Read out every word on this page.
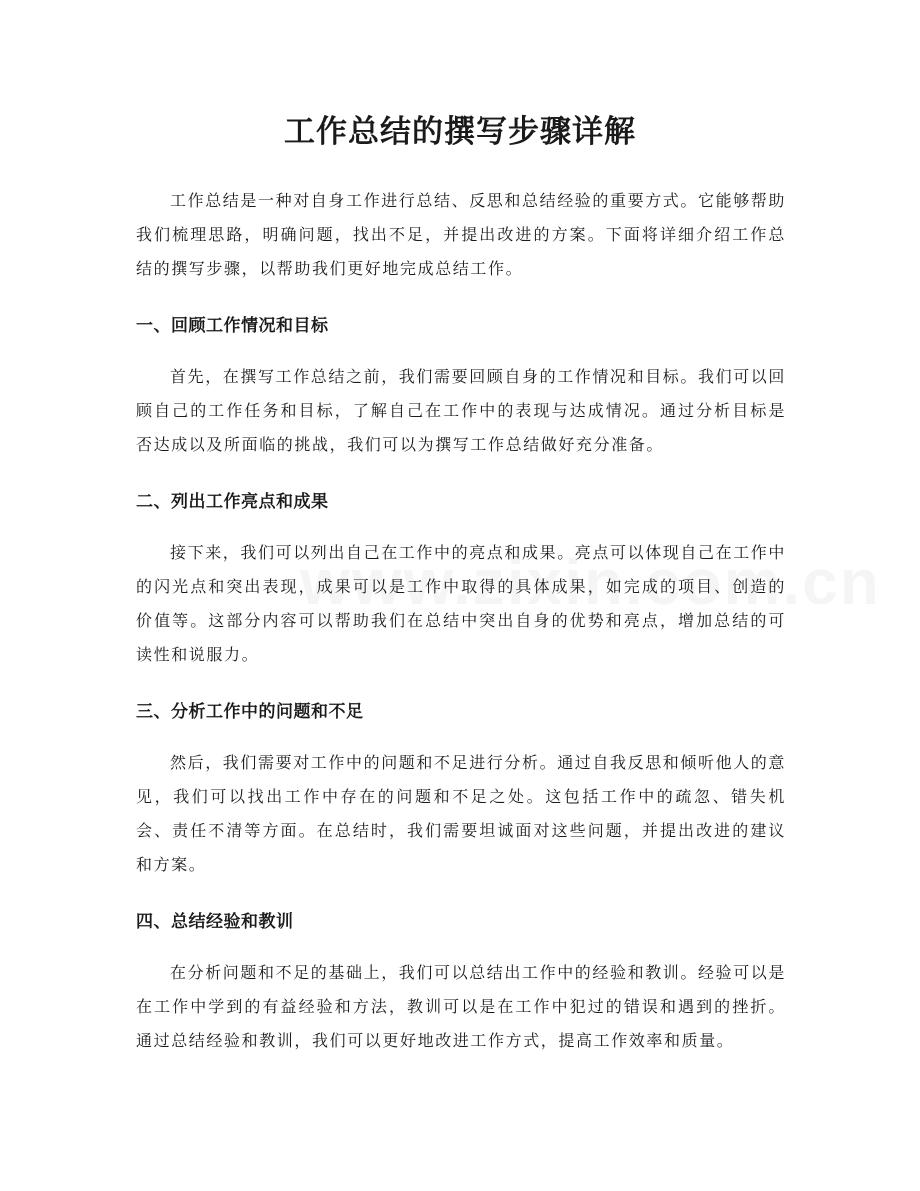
工作总结的撰写步骤详解

工作总结是一种对自身工作进行总结、反思和总结经验的重要方式。它能够帮助我们梳理思路，明确问题，找出不足，并提出改进的方案。下面将详细介绍工作总结的撰写步骤，以帮助我们更好地完成总结工作。

一、回顾工作情况和目标

首先，在撰写工作总结之前，我们需要回顾自身的工作情况和目标。我们可以回顾自己的工作任务和目标，了解自己在工作中的表现与达成情况。通过分析目标是否达成以及所面临的挑战，我们可以为撰写工作总结做好充分准备。

二、列出工作亮点和成果

接下来，我们可以列出自己在工作中的亮点和成果。亮点可以体现自己在工作中的闪光点和突出表现，成果可以是工作中取得的具体成果，如完成的项目、创造的价值等。这部分内容可以帮助我们在总结中突出自身的优势和亮点，增加总结的可读性和说服力。

三、分析工作中的问题和不足

然后，我们需要对工作中的问题和不足进行分析。通过自我反思和倾听他人的意见，我们可以找出工作中存在的问题和不足之处。这包括工作中的疏忽、错失机会、责任不清等方面。在总结时，我们需要坦诚面对这些问题，并提出改进的建议和方案。

四、总结经验和教训

在分析问题和不足的基础上，我们可以总结出工作中的经验和教训。经验可以是在工作中学到的有益经验和方法，教训可以是在工作中犯过的错误和遇到的挫折。通过总结经验和教训，我们可以更好地改进工作方式，提高工作效率和质量。
